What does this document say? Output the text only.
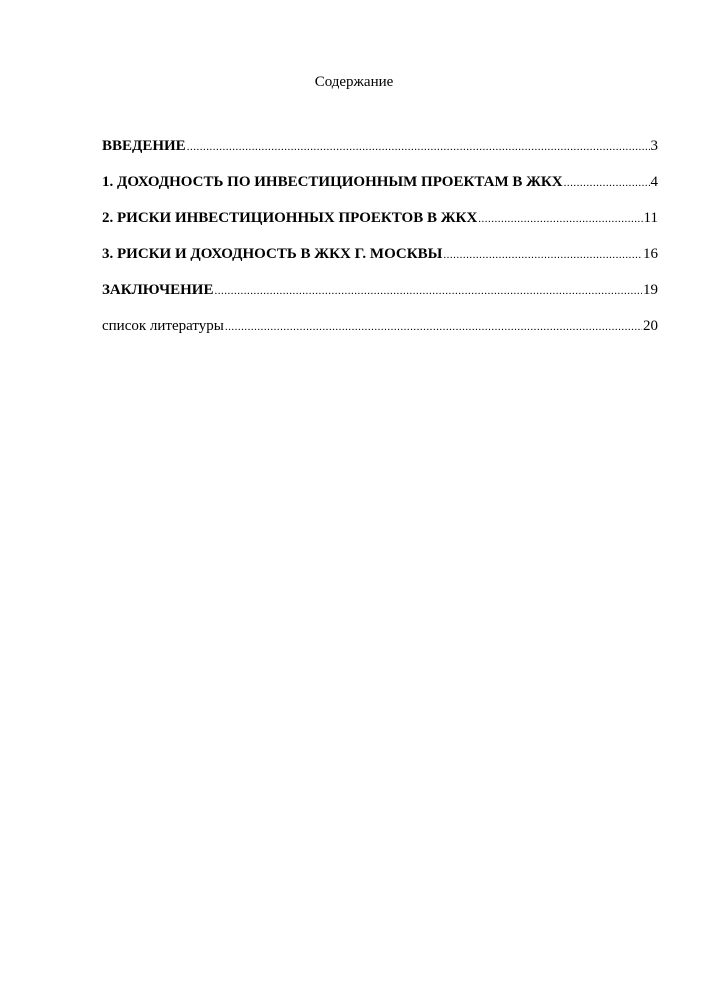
Содержание
ВВЕДЕНИЕ .....	3
1. ДОХОДНОСТЬ ПО ИНВЕСТИЦИОННЫМ ПРОЕКТАМ В ЖКХ .....	4
2. РИСКИ ИНВЕСТИЦИОННЫХ ПРОЕКТОВ В ЖКХ .....	11
3. РИСКИ И ДОХОДНОСТЬ В ЖКХ Г. МОСКВЫ .....	16
ЗАКЛЮЧЕНИЕ .....	19
список литературы .....	20
